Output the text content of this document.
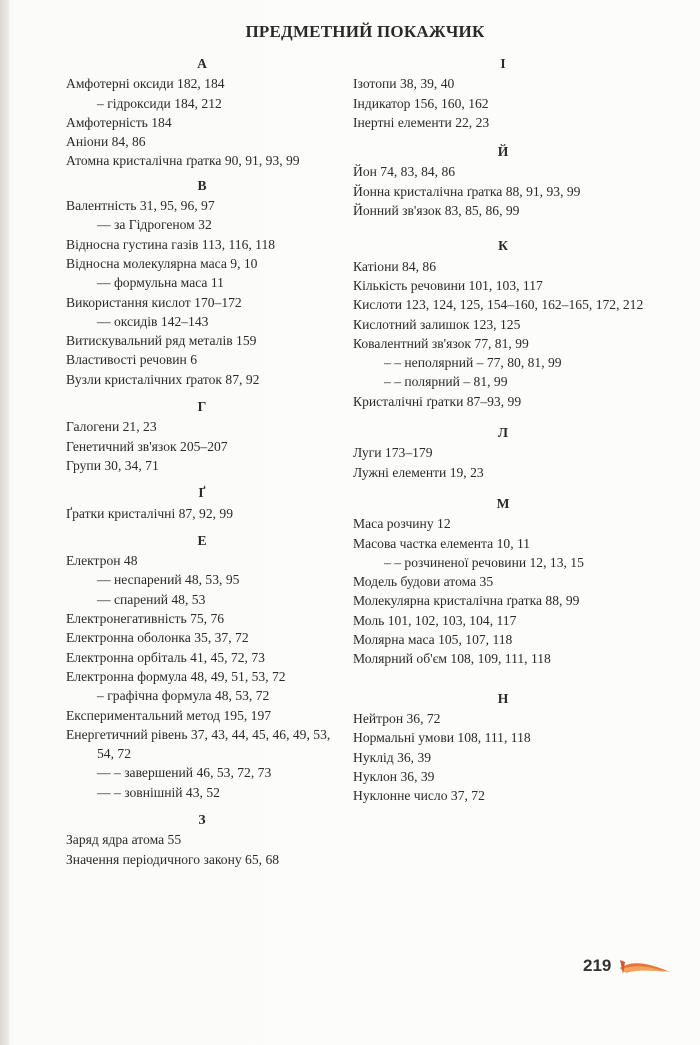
ПРЕДМЕТНИЙ ПОКАЖЧИК
А
Амфотерні оксиди 182, 184
– гідроксиди 184, 212
Амфотерність 184
Аніони 84, 86
Атомна кристалічна ґратка 90, 91, 93, 99
В
Валентність 31, 95, 96, 97
— за Гідрогеном 32
Відносна густина газів 113, 116, 118
Відносна молекулярна маса 9, 10
— формульна маса 11
Використання кислот 170–172
— оксидів 142–143
Витискувальний ряд металів 159
Властивості речовин 6
Вузли кристалічних ґраток 87, 92
Г
Галогени 21, 23
Генетичний зв'язок 205–207
Групи 30, 34, 71
Ґ
Ґратки кристалічні 87, 92, 99
Е
Електрон 48
— неспарений 48, 53, 95
— спарений 48, 53
Електронегативність 75, 76
Електронна оболонка 35, 37, 72
Електронна орбіталь 41, 45, 72, 73
Електронна формула 48, 49, 51, 53, 72
– графічна формула 48, 53, 72
Експериментальний метод 195, 197
Енергетичний рівень 37, 43, 44, 45, 46, 49, 53, 54, 72
— – завершений 46, 53, 72, 73
— – зовнішній 43, 52
З
Заряд ядра атома 55
Значення періодичного закону 65, 68
І
Ізотопи 38, 39, 40
Індикатор 156, 160, 162
Інертні елементи 22, 23
Й
Йон 74, 83, 84, 86
Йонна кристалічна ґратка 88, 91, 93, 99
Йонний зв'язок 83, 85, 86, 99
К
Катіони 84, 86
Кількість речовини 101, 103, 117
Кислоти 123, 124, 125, 154–160, 162–165, 172, 212
Кислотний залишок 123, 125
Ковалентний зв'язок 77, 81, 99
– – неполярний – 77, 80, 81, 99
– – полярний – 81, 99
Кристалічні ґратки 87–93, 99
Л
Луги 173–179
Лужні елементи 19, 23
М
Маса розчину 12
Масова частка елемента 10, 11
– – розчиненої речовини 12, 13, 15
Модель будови атома 35
Молекулярна кристалічна ґратка 88, 99
Моль 101, 102, 103, 104, 117
Молярна маса 105, 107, 118
Молярний об'єм 108, 109, 111, 118
Н
Нейтрон 36, 72
Нормальні умови 108, 111, 118
Нуклід 36, 39
Нуклон 36, 39
Нуклонне число 37, 72
219
